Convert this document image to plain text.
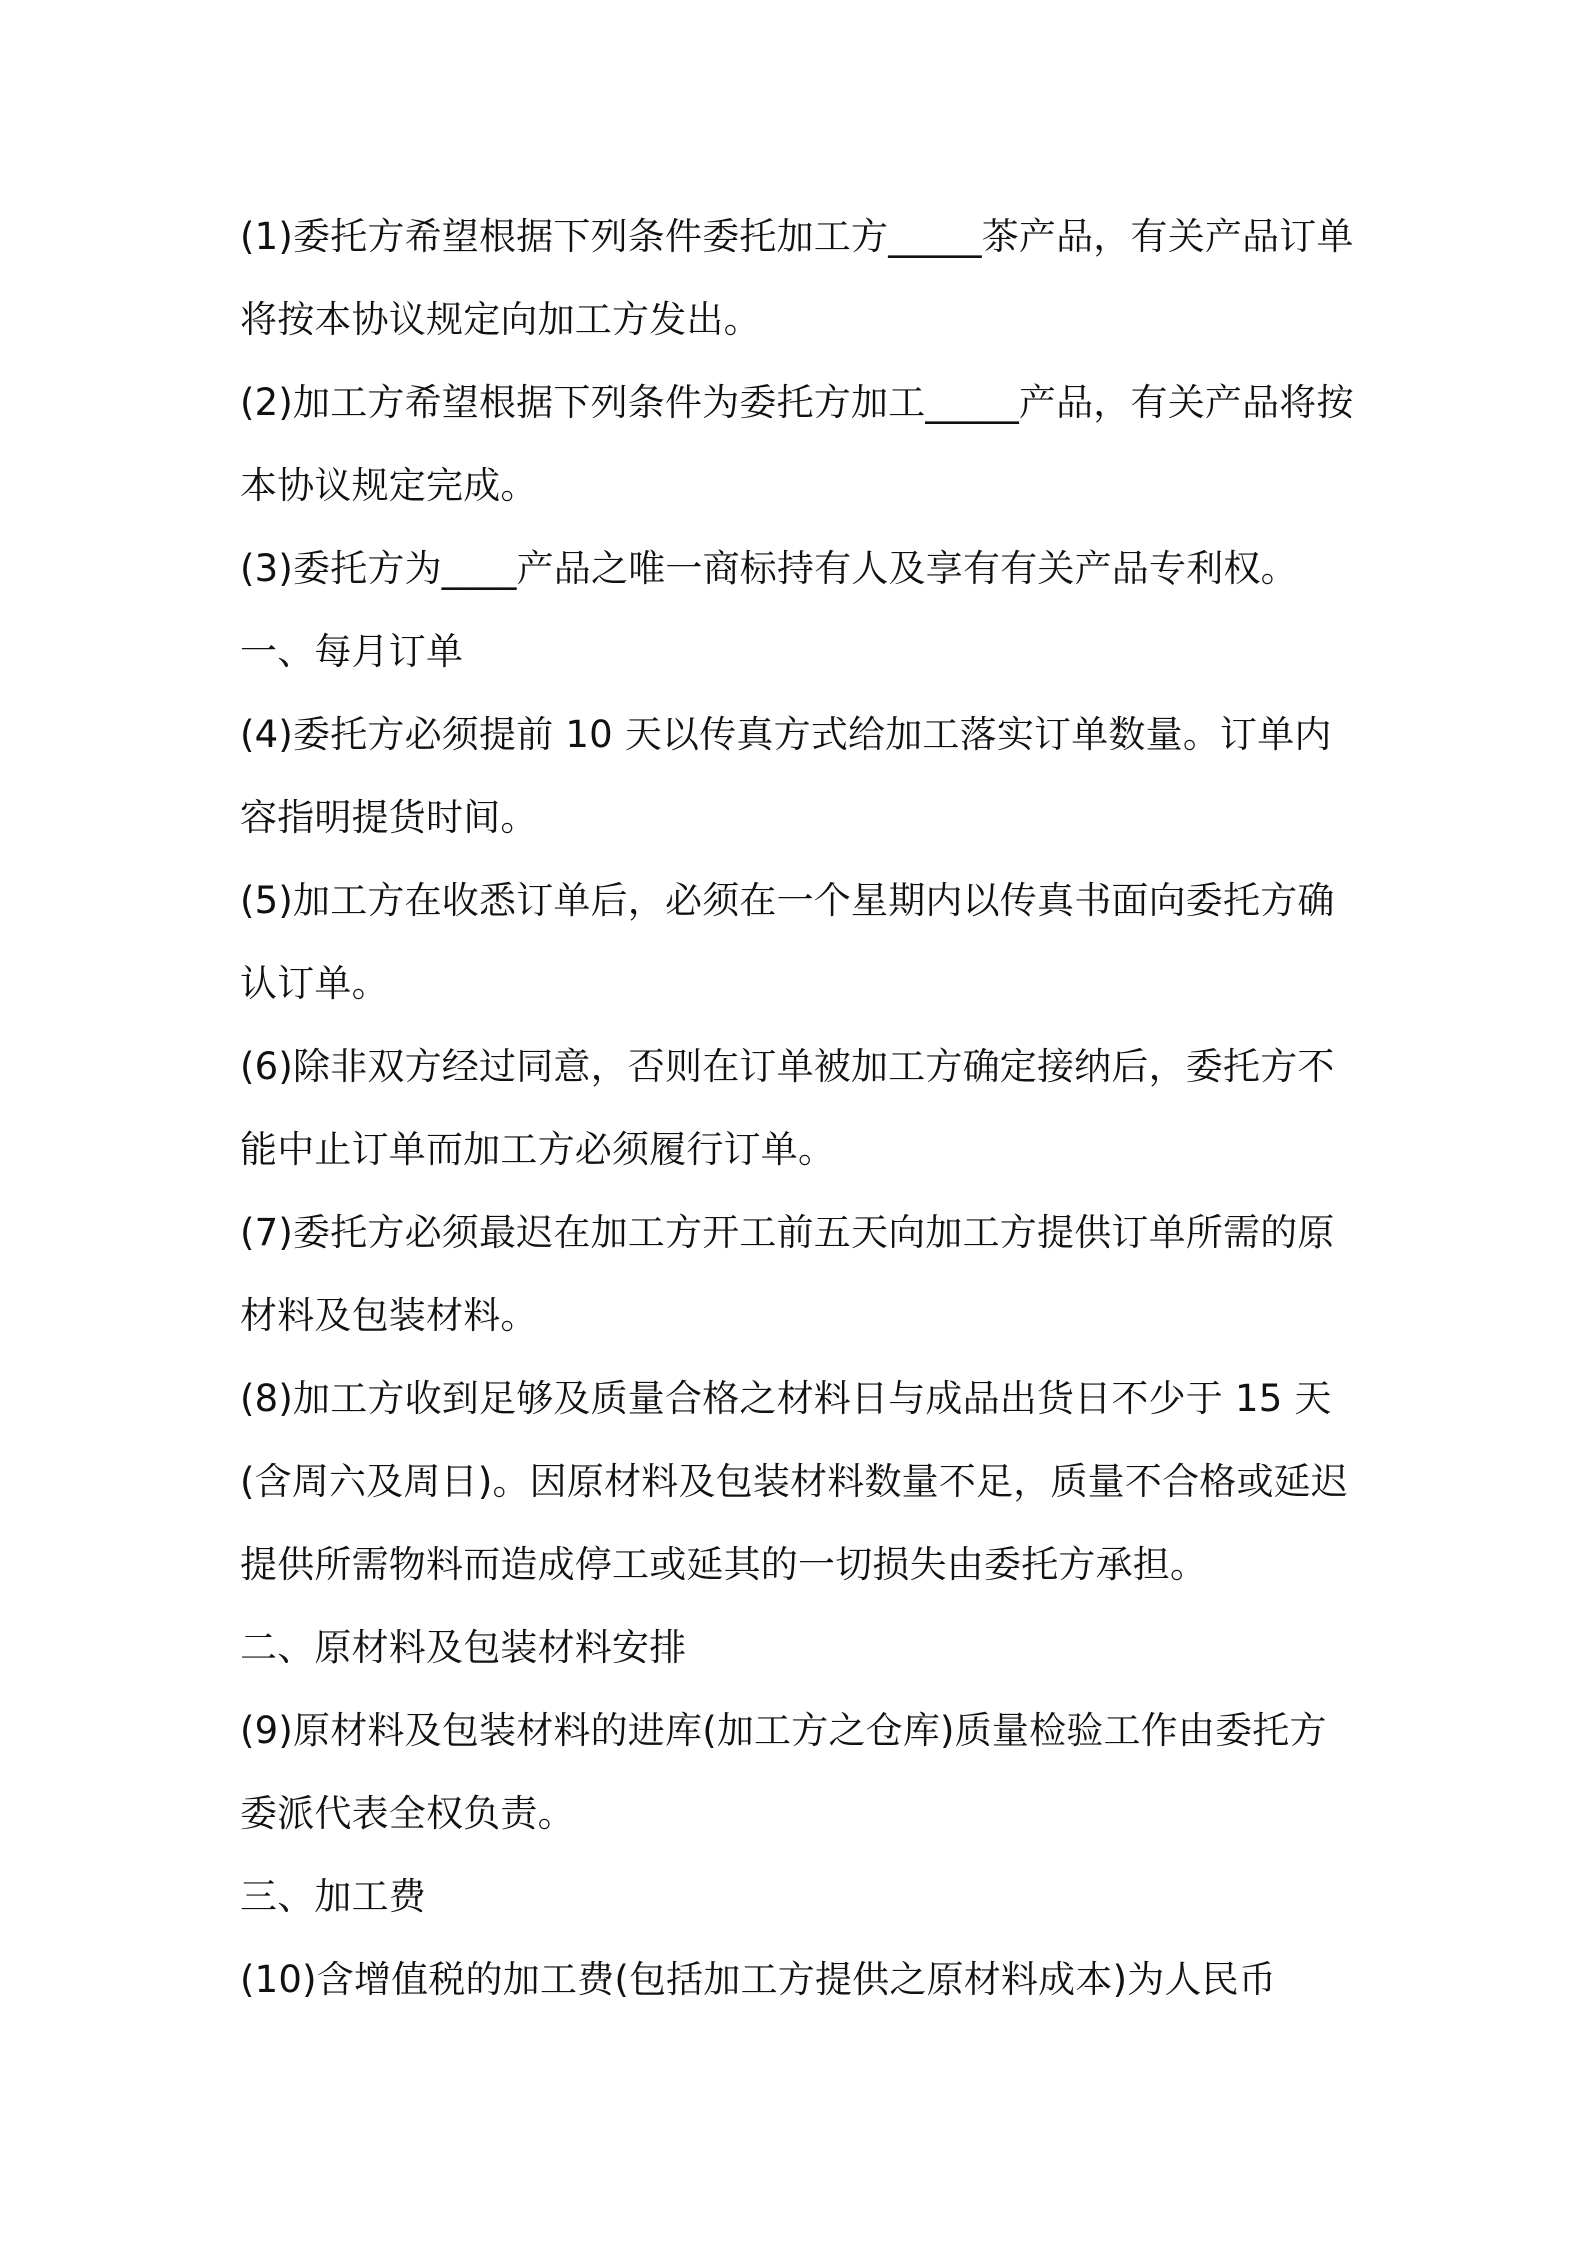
(1)委托方希望根据下列条件委托加工方_____茶产品，有关产品订单将按本协议规定向加工方发出。

(2)加工方希望根据下列条件为委托方加工_____产品，有关产品将按本协议规定完成。

(3)委托方为____产品之唯一商标持有人及享有有关产品专利权。

一、每月订单

(4)委托方必须提前 10 天以传真方式给加工落实订单数量。订单内容指明提货时间。

(5)加工方在收悉订单后，必须在一个星期内以传真书面向委托方确认订单。

(6)除非双方经过同意，否则在订单被加工方确定接纳后，委托方不能中止订单而加工方必须履行订单。

(7)委托方必须最迟在加工方开工前五天向加工方提供订单所需的原材料及包装材料。

(8)加工方收到足够及质量合格之材料日与成品出货日不少于 15 天(含周六及周日)。因原材料及包装材料数量不足，质量不合格或延迟提供所需物料而造成停工或延其的一切损失由委托方承担。

二、原材料及包装材料安排

(9)原材料及包装材料的进库(加工方之仓库)质量检验工作由委托方委派代表全权负责。

三、加工费

(10)含增值税的加工费(包括加工方提供之原材料成本)为人民币
